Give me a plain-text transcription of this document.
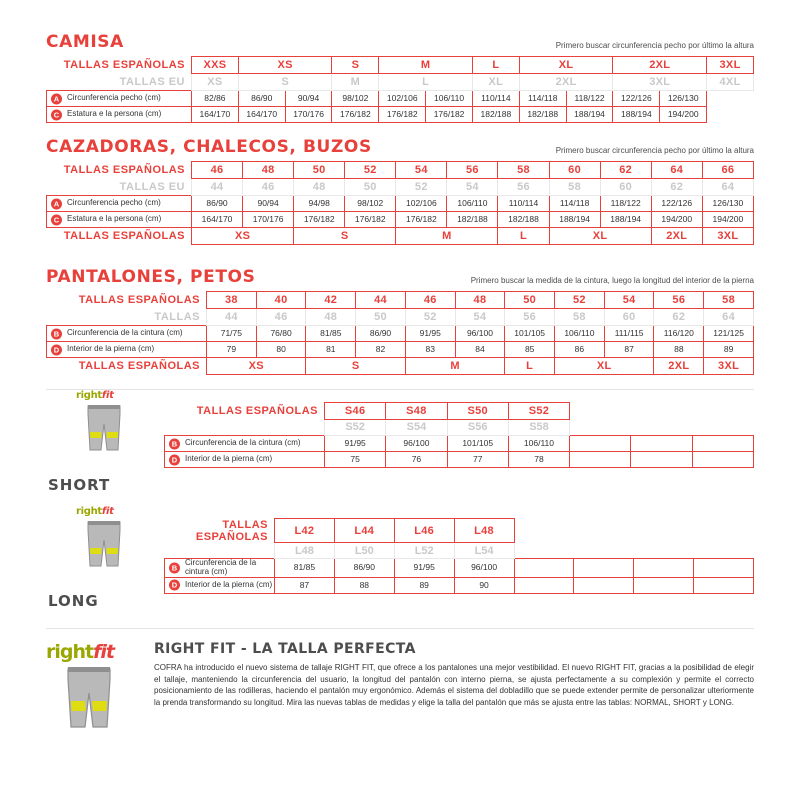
CAMISA	Primero buscar circunferencia pecho por último la altura
TALLAS ESPAÑOLAS	XXS	XS		S	M		L	XL		2XL		3XL
TALLAS EU	XS	S		M	L		XL	2XL		3XL		4XL

A Circunferencia pecho (cm)	82/86	86/90	90/94	98/102	102/106	106/110	110/114	114/118	118/122	122/126	126/130	

C Estatura e la persona (cm)	164/170	164/170	170/176	176/182	176/182	176/182	182/188	182/188	188/194	188/194	194/200	
CAZADORAS, CHALECOS, BUZOS	Primero buscar circunferencia pecho por último la altura
TALLAS ESPAÑOLAS	46	48	50	52	54	56	58	60	62	64	66
TALLAS EU	44	46	48	50	52	54	56	58	60	62	64

A Circunferencia pecho (cm)	86/90	90/94	94/98	98/102	102/106	106/110	110/114	114/118	118/122	122/126	126/130

C Estatura e la persona (cm)	164/170	170/176	176/182	176/182	176/182	182/188	182/188	188/194	188/194	194/200	194/200
TALLAS ESPAÑOLAS	XS		S		M		L	XL		2XL	3XL
PANTALONES, PETOS	Primero buscar la medida de la cintura, luego la longitud del interior de la pierna
TALLAS ESPAÑOLAS	38	40	42	44	46	48	50	52	54	56	58
TALLAS	44	46	48	50	52	54	56	58	60	62	64

B Circunferencia de la cintura (cm)	71/75	76/80	81/85	86/90	91/95	96/100	101/105	106/110	111/115	116/120	121/125

D Interior de la pierna (cm)	79	80	81	82	83	84	85	86	87	88	89
TALLAS ESPAÑOLAS	XS		S		M		L	XL		2XL	3XL
rightfit
SHORT
TALLAS ESPAÑOLAS	S46	S48	S50	S52			
	S52	S54	S56	S58			

B Circunferencia de la cintura (cm)	91/95	96/100	101/105	106/110			

D Interior de la pierna (cm)	75	76	77	78			
rightfit
LONG
TALLAS ESPAÑOLAS	L42	L44	L46	L48				
	L48	L50	L52	L54				

B
Circunferencia de la cintura (cm)	81/85	86/90	91/95	96/100				

D Interior de la pierna (cm)	87	88	89	90				
rightfit	RIGHT FIT - LA TALLA PERFECTA
COFRA ha introducido el nuevo sistema de tallaje RIGHT FIT, que ofrece a los pantalones una mejor vestibilidad. El nuevo RIGHT FIT, gracias a la posibilidad de elegir el tallaje, manteniendo la circunferencia del usuario, la longitud del pantalón con interno pierna, se ajusta perfectamente a su complexión y permite el correcto posicionamiento de las rodilleras, haciendo el pantalón muy ergonómico. Además el sistema del dobladillo que se puede extender permite de personalizar ulteriormente la prenda transformando su longitud. Mira las nuevas tablas de medidas y elige la talla del pantalón que más se ajusta entre las tablas: NORMAL, SHORT y LONG.
